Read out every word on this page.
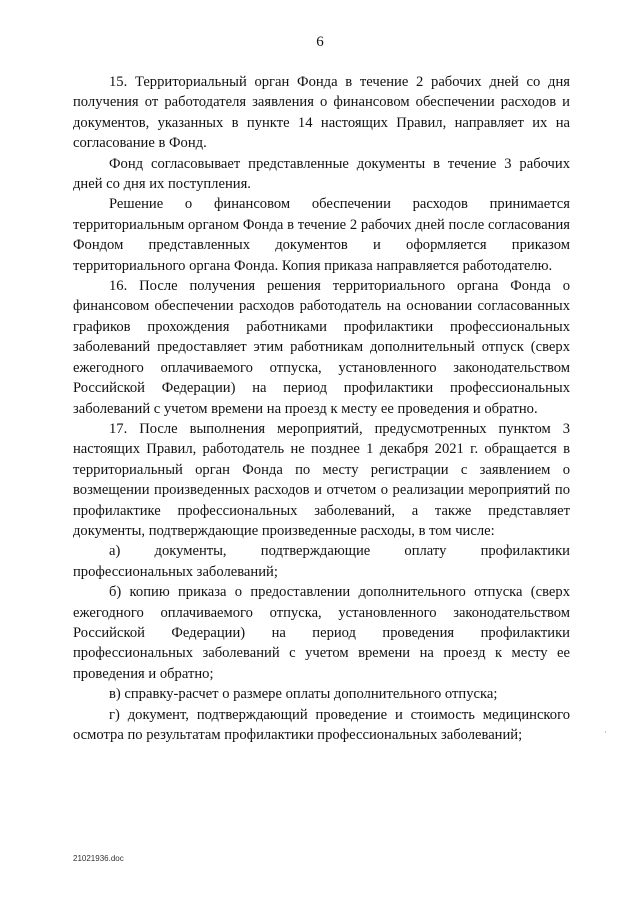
6

15. Территориальный орган Фонда в течение 2 рабочих дней со дня получения от работодателя заявления о финансовом обеспечении расходов и документов, указанных в пункте 14 настоящих Правил, направляет их на согласование в Фонд.

Фонд согласовывает представленные документы в течение 3 рабочих дней со дня их поступления.

Решение о финансовом обеспечении расходов принимается территориальным органом Фонда в течение 2 рабочих дней после согласования Фондом представленных документов и оформляется приказом территориального органа Фонда. Копия приказа направляется работодателю.

16. После получения решения территориального органа Фонда о финансовом обеспечении расходов работодатель на основании согласованных графиков прохождения работниками профилактики профессиональных заболеваний предоставляет этим работникам дополнительный отпуск (сверх ежегодного оплачиваемого отпуска, установленного законодательством Российской Федерации) на период профилактики профессиональных заболеваний с учетом времени на проезд к месту ее проведения и обратно.

17. После выполнения мероприятий, предусмотренных пунктом 3 настоящих Правил, работодатель не позднее 1 декабря 2021 г. обращается в территориальный орган Фонда по месту регистрации с заявлением о возмещении произведенных расходов и отчетом о реализации мероприятий по профилактике профессиональных заболеваний, а также представляет документы, подтверждающие произведенные расходы, в том числе:

а) документы, подтверждающие оплату профилактики профессиональных заболеваний;

б) копию приказа о предоставлении дополнительного отпуска (сверх ежегодного оплачиваемого отпуска, установленного законодательством Российской Федерации) на период проведения профилактики профессиональных заболеваний с учетом времени на проезд к месту ее проведения и обратно;

в) справку-расчет о размере оплаты дополнительного отпуска;

г) документ, подтверждающий проведение и стоимость медицинского осмотра по результатам профилактики профессиональных заболеваний;	·
21021936.doc
